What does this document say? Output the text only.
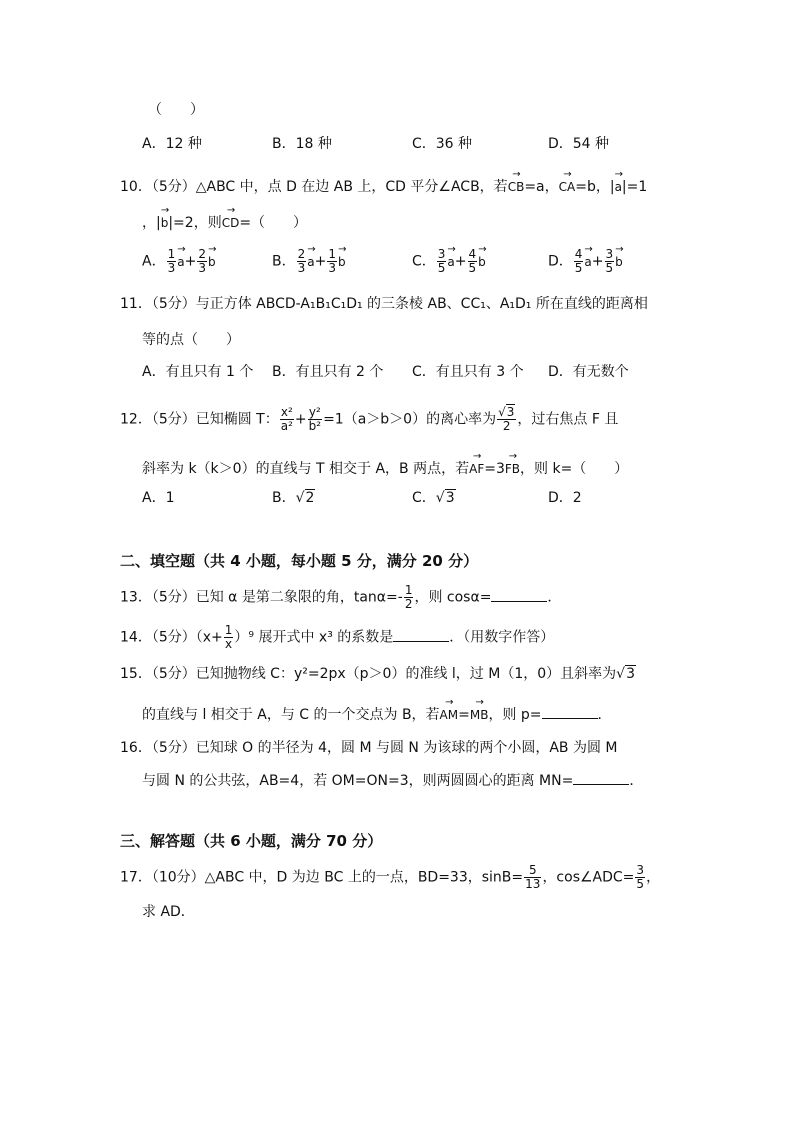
（　　）
A．12 种	B．18 种	C．36 种	D．54 种
10．（5分）△ABC 中，点 D 在边 AB 上，CD 平分∠ACB，若→ CB=a，→ CA=b，|→ a|=1
，|→ b|=2，则→ CD=（　　）
A． $\frac{1}{3}$
→ $a+ \frac{2}{3}$
→ b	B． $\frac{2}{3}$
→ $a+ \frac{1}{3}$
→ b	C． $\frac{3}{5}$
→ $a+ \frac{4}{5}$
→ b	D． $\frac{4}{5}$
→ $a+ \frac{3}{5}$
→ b
11．（5分）与正方体 ABCD-A₁B₁C₁D₁ 的三条棱 AB、CC₁、A₁D₁ 所在直线的距离相
等的点（　　）
A．有且只有 1 个 B．有且只有 2 个 C．有且只有 3 个 D．有无数个
12．（5分）已知椭圆 T： $\frac{\text{x²}}{\text{a²}} + \frac{\text{y²}}{\text{b²}} =1(a>b>0)$的离心率为 $\frac{√3}{2}$ ，过右焦点 F 且
斜率为 k（k＞0）的直线与 T 相交于 A，B 两点，若→ AF=3→ FB，则 k=（　　）
A．1	B．√2	C．√3	D．2
二、填空题（共 4 小题，每小题 5 分，满分 20 分）
13．（5分）已知 α 是第二象限的角，$\tan\alpha=- \frac{1}{2}$ ，则 cosα=	．
14．（5分）$(x+ \frac{1}{x} )^9$ 展开式中 x³ 的系数是	．（用数字作答）
15．（5分）已知抛物线 C：y²=2px（p＞0）的准线 l，过 M（1，0）且斜率为√3
的直线与 l 相交于 A，与 C 的一个交点为 B，若→ AM=→ MB，则 p=	．
16．（5分）已知球 O 的半径为 4，圆 M 与圆 N 为该球的两个小圆，AB 为圆 M
与圆 N 的公共弦，AB=4，若 OM=ON=3，则两圆圆心的距离 MN=	．
三、解答题（共 6 小题，满分 70 分）
17．（10分）△ABC 中，D 为边 BC 上的一点，BD=33，$\sin B= \frac{5}{13}$ ，cos∠ADC= $\frac{3}{5}$ ，
求 AD．
